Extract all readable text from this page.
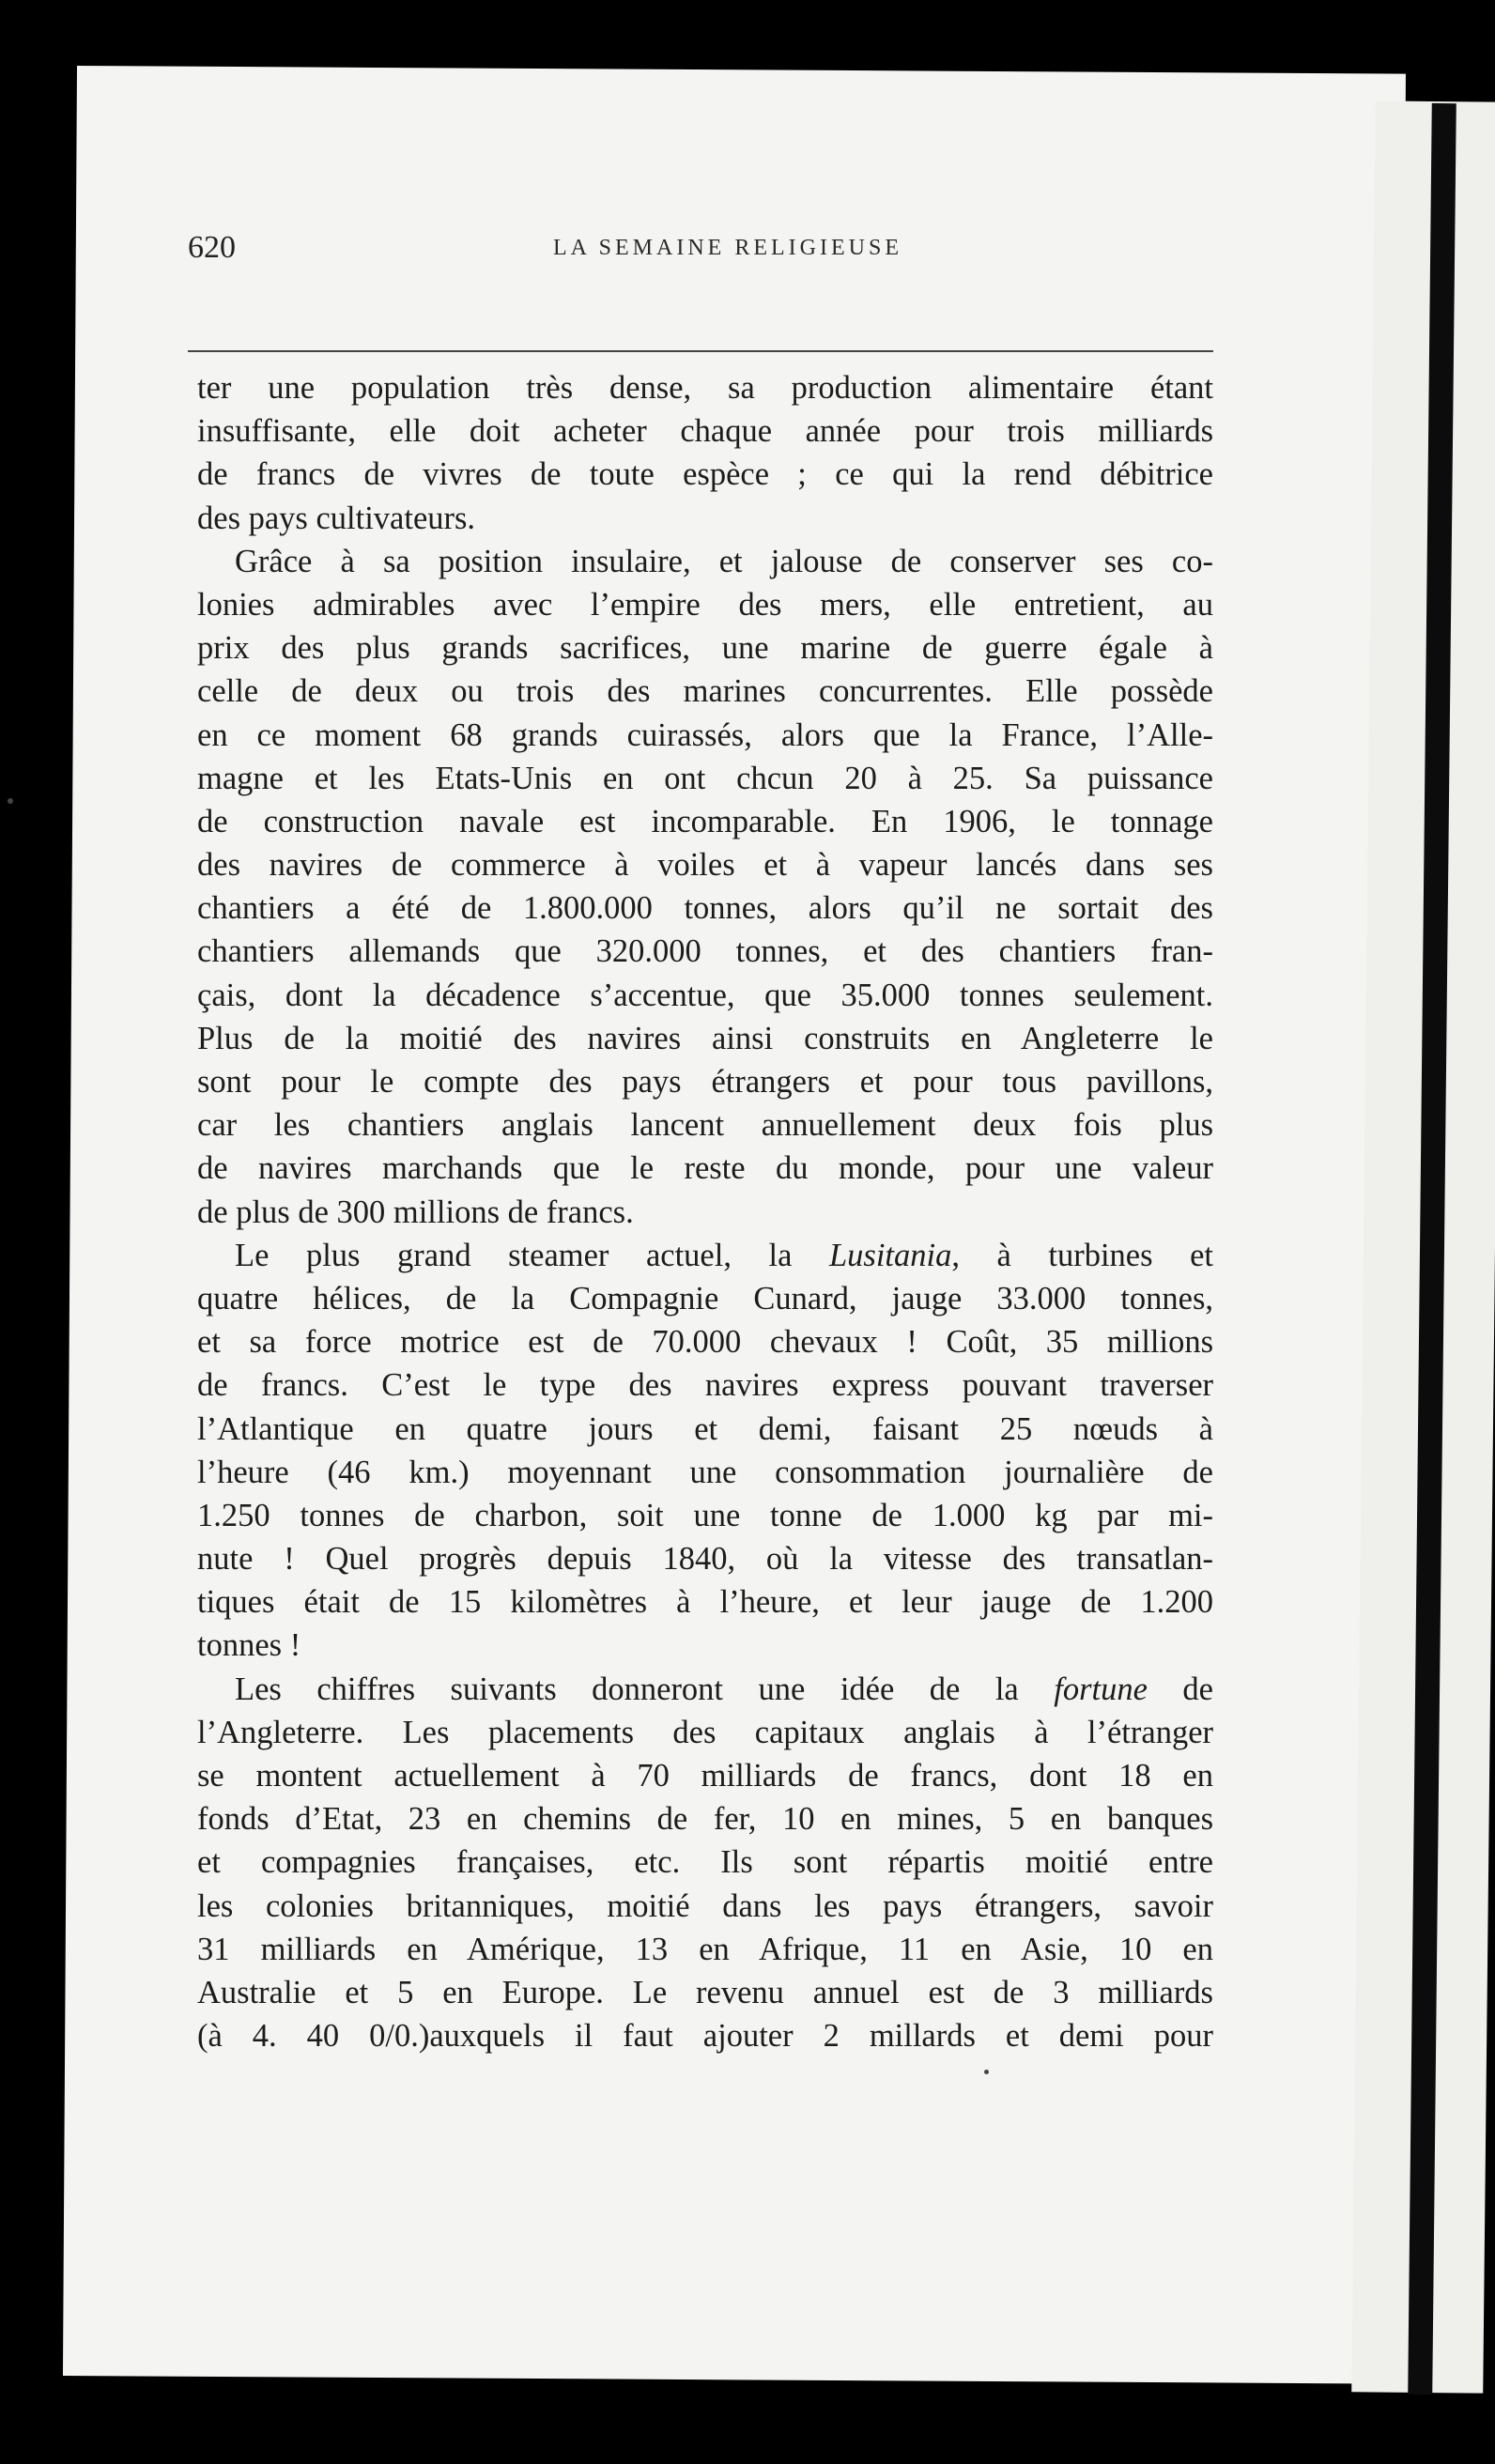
620	LA SEMAINE RELIGIEUSE
ter une population très dense, sa production alimentaire étant
insuffisante, elle doit acheter chaque année pour trois milliards
de francs de vivres de toute espèce ; ce qui la rend débitrice
des pays cultivateurs.
Grâce à sa position insulaire, et jalouse de conserver ses co-
lonies admirables avec l’empire des mers, elle entretient, au
prix des plus grands sacrifices, une marine de guerre égale à
celle de deux ou trois des marines concurrentes. Elle possède
en ce moment 68 grands cuirassés, alors que la France, l’Alle-
magne et les Etats-Unis en ont chcun 20 à 25. Sa puissance
de construction navale est incomparable. En 1906, le tonnage
des navires de commerce à voiles et à vapeur lancés dans ses
chantiers a été de 1.800.000 tonnes, alors qu’il ne sortait des
chantiers allemands que 320.000 tonnes, et des chantiers fran-
çais, dont la décadence s’accentue, que 35.000 tonnes seulement.
Plus de la moitié des navires ainsi construits en Angleterre le
sont pour le compte des pays étrangers et pour tous pavillons,
car les chantiers anglais lancent annuellement deux fois plus
de navires marchands que le reste du monde, pour une valeur
de plus de 300 millions de francs.
Le plus grand steamer actuel, la Lusitania, à turbines et
quatre hélices, de la Compagnie Cunard, jauge 33.000 tonnes,
et sa force motrice est de 70.000 chevaux ! Coût, 35 millions
de francs. C’est le type des navires express pouvant traverser
l’Atlantique en quatre jours et demi, faisant 25 nœuds à
l’heure (46 km.) moyennant une consommation journalière de
1.250 tonnes de charbon, soit une tonne de 1.000 kg par mi-
nute ! Quel progrès depuis 1840, où la vitesse des transatlan-
tiques était de 15 kilomètres à l’heure, et leur jauge de 1.200
tonnes !
Les chiffres suivants donneront une idée de la fortune de
l’Angleterre. Les placements des capitaux anglais à l’étranger
se montent actuellement à 70 milliards de francs, dont 18 en
fonds d’Etat, 23 en chemins de fer, 10 en mines, 5 en banques
et compagnies françaises, etc. Ils sont répartis moitié entre
les colonies britanniques, moitié dans les pays étrangers, savoir
31 milliards en Amérique, 13 en Afrique, 11 en Asie, 10 en
Australie et 5 en Europe. Le revenu annuel est de 3 milliards
(à 4. 40 0/0.)auxquels il faut ajouter 2 millards et demi pour
